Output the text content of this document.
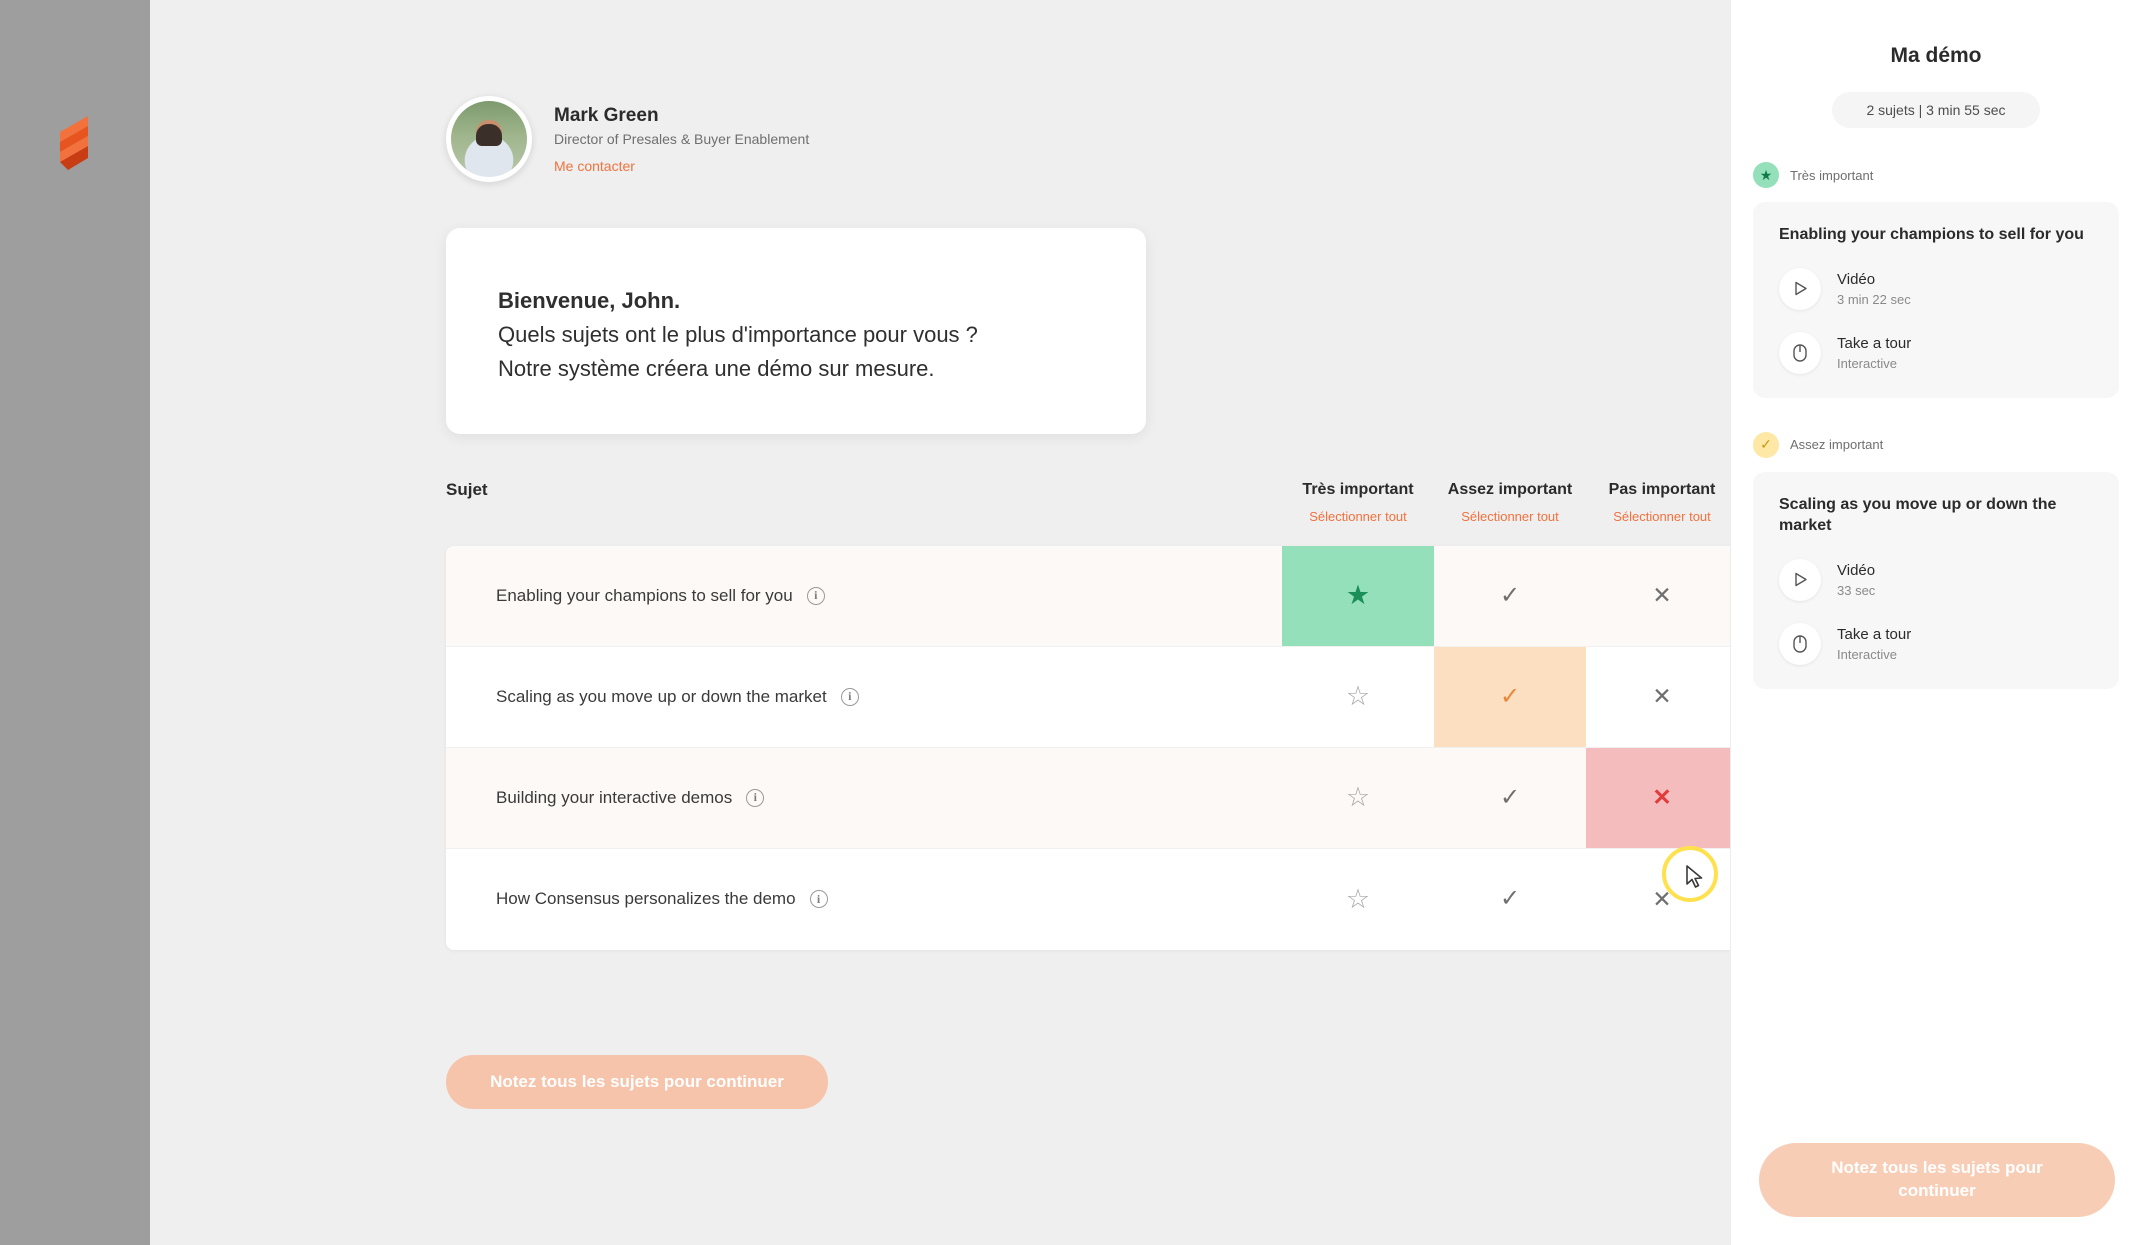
Mark Green
Director of Presales & Buyer Enablement
Me contacter
Bienvenue, John.
Quels sujets ont le plus d'importance pour vous ?
Notre système créera une démo sur mesure.
Sujet	Très important
Sélectionner tout
Assez important
Sélectionner tout
Pas important
Sélectionner tout
Enabling your champions to sell for you	i	★	✓	✕
Scaling as you move up or down the market	i	☆	✓	✕
Building your interactive demos	i	☆	✓	✕
How Consensus personalizes the demo	i	☆	✓	✕
Notez tous les sujets pour continuer
Ma démo
2 sujets | 3 min 55 sec
★	Très important
Enabling your champions to sell for you
Vidéo
3 min 22 sec
Take a tour
Interactive
✓	Assez important
Scaling as you move up or down the market
Vidéo
33 sec
Take a tour
Interactive
Notez tous les sujets pour continuer
